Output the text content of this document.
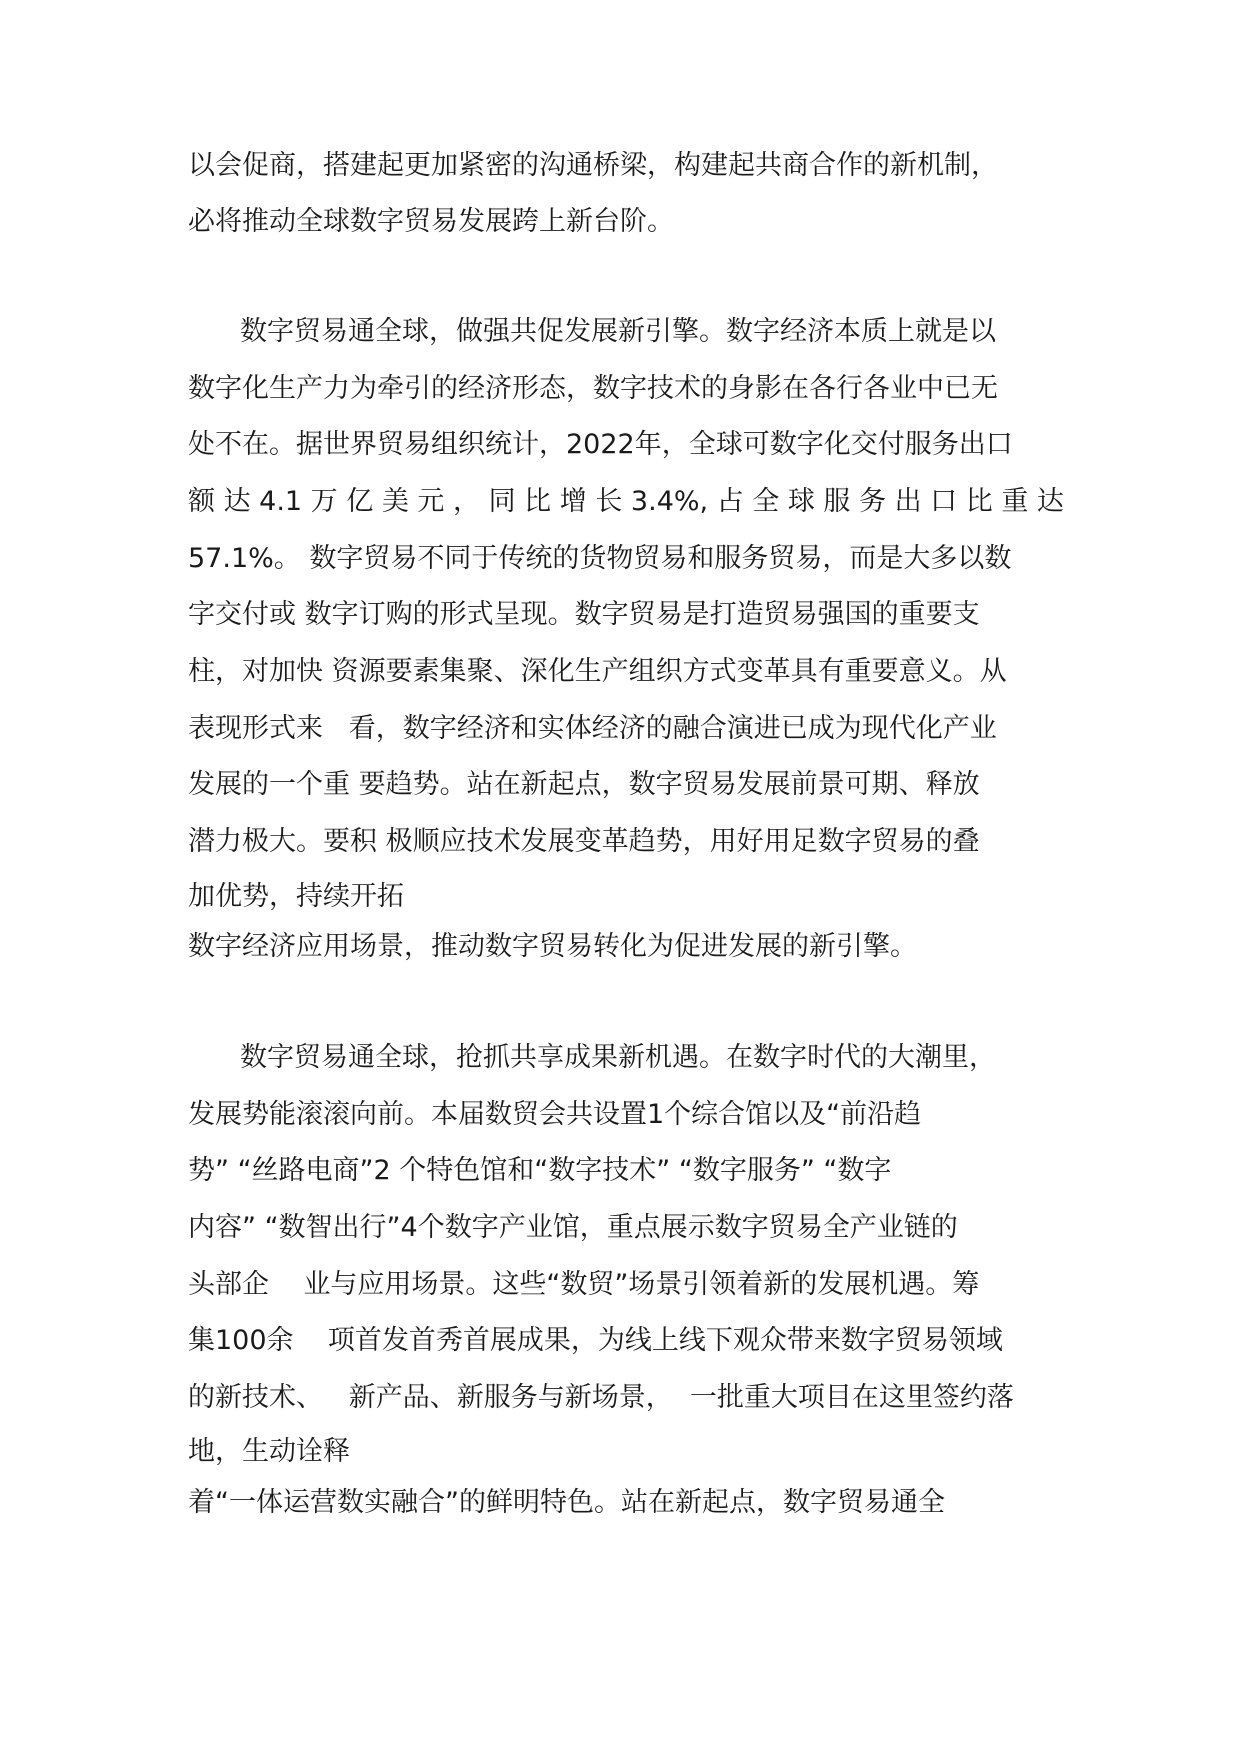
以会促商，搭建起更加紧密的沟通桥梁，构建起共商合作的新机制，
必将推动全球数字贸易发展跨上新台阶。
数字贸易通全球，做强共促发展新引擎。数字经济本质上就是以
数字化生产力为牵引的经济形态，数字技术的身影在各行各业中已无
处不在。据世界贸易组织统计，2022年，全球可数字化交付服务出口
额 达 4.1 万 亿 美 元 ， 同 比 增 长 3.4%, 占 全 球 服 务 出 口 比 重 达
57.1%。 数字贸易不同于传统的货物贸易和服务贸易，而是大多以数
字交付或 数字订购的形式呈现。数字贸易是打造贸易强国的重要支
柱，对加快 资源要素集聚、深化生产组织方式变革具有重要意义。从
表现形式来   看，数字经济和实体经济的融合演进已成为现代化产业
发展的一个重 要趋势。站在新起点，数字贸易发展前景可期、释放
潜力极大。要积 极顺应技术发展变革趋势，用好用足数字贸易的叠
加优势，持续开拓
数字经济应用场景，推动数字贸易转化为促进发展的新引擎。
数字贸易通全球，抢抓共享成果新机遇。在数字时代的大潮里，
发展势能滚滚向前。本届数贸会共设置1个综合馆以及“前沿趋
势” “丝路电商”2 个特色馆和“数字技术” “数字服务” “数字
内容” “数智出行”4个数字产业馆，重点展示数字贸易全产业链的
头部企    业与应用场景。这些“数贸”场景引领着新的发展机遇。筹
集100余    项首发首秀首展成果，为线上线下观众带来数字贸易领域
的新技术、   新产品、新服务与新场景，  一批重大项目在这里签约落
地，生动诠释
着“一体运营数实融合”的鲜明特色。站在新起点，数字贸易通全
